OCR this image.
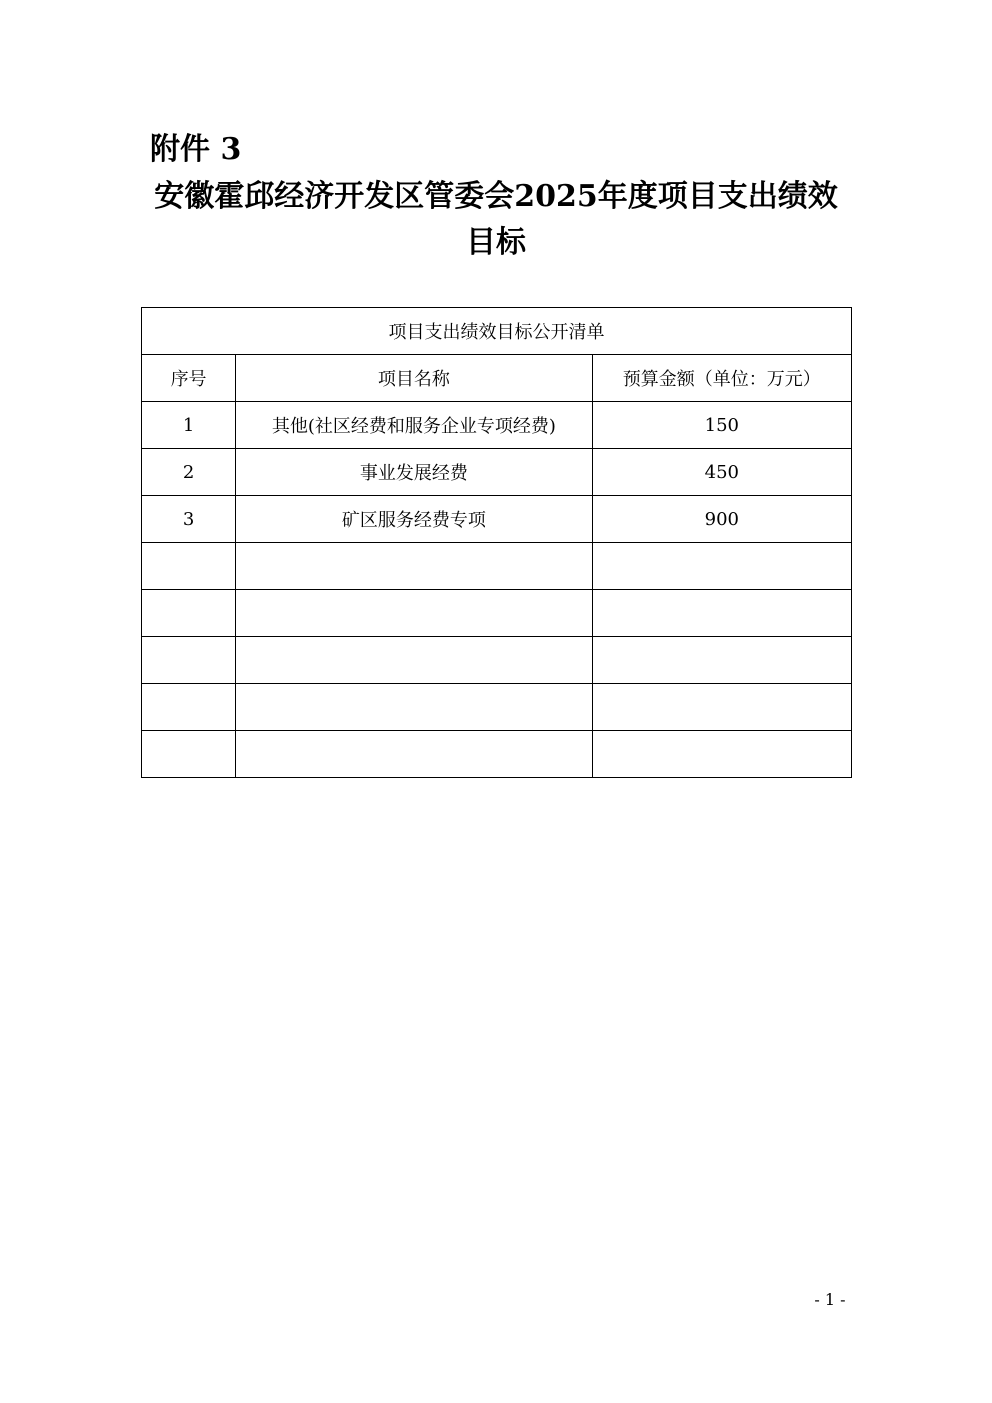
附件 3
安徽霍邱经济开发区管委会2025年度项目支出绩效
目标
项目支出绩效目标公开清单		
序号	项目名称	预算金额（单位：万元）
1	其他(社区经费和服务企业专项经费)	150
2	事业发展经费	450
3	矿区服务经费专项	900

- 1 -
